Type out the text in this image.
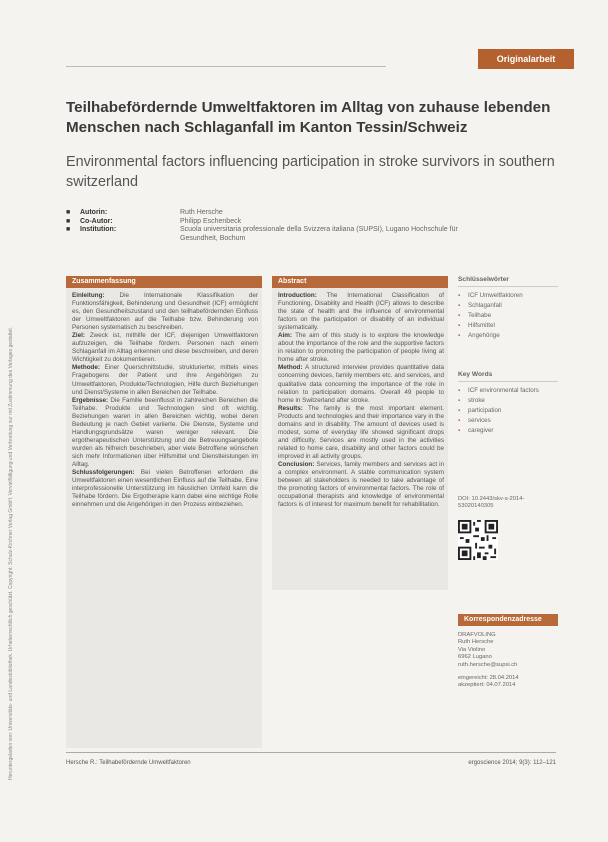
Heruntergeladen von: Universitäts- und Landesbibliothek. Urheberrechtlich geschützt. Copyright: Schulz-Kirchner Verlag GmbH. Vervielfältigung und Verbreitung nur mit Zustimmung des Verlages gestattet.
Originalarbeit
Teilhabefördernde Umweltfaktoren im Alltag von zuhause lebenden Menschen nach Schlaganfall im Kanton Tessin/Schweiz
Environmental factors influencing participation in stroke survivors in southern switzerland
■ Autorin:	Ruth Hersche
■ Co-Autor:	Philipp Eschenbeck
■ Institution:	Scuola universitaria professionale della Svizzera italiana (SUPSI), Lugano Hochschule für Gesundheit, Bochum
Zusammenfassung

Einleitung: Die Internationale Klassifikation der Funktionsfähigkeit, Behinderung und Gesundheit (ICF) ermöglicht es, den Gesundheitszustand und den teilhabefördernden Einfluss der Umweltfaktoren auf die Teilhabe bzw. Behinderung von Personen systematisch zu beschreiben.

Ziel: Zweck ist, mithilfe der ICF, diejenigen Umweltfaktoren aufzuzeigen, die Teilhabe fördern. Personen nach einem Schlaganfall im Alltag erkennen und diese beschreiben, und deren Wichtigkeit zu dokumentieren.

Methode: Einer Querschnittstudie, strukturierter, mittels eines Fragebogens der Patient und ihre Angehörigen zu Umweltfaktoren, Produkte/Technologien, Hilfe durch Beziehungen und Dienst/Systeme in allen Bereichen der Teilhabe.

Ergebnisse: Die Familie beeinflusst in zahlreichen Bereichen die Teilhabe. Produkte und Technologien sind oft wichtig. Beziehungen waren in allen Bereichen wichtig, wobei deren Bedeutung je nach Gebiet variierte. Die Dienste, Systeme und Handlungsgrundsätze waren weniger relevant. Die ergotherapeutischen Unterstützung und die Betreuungsangebote wurden als hilfreich beschrieben, aber viele Betroffene wünschen sich mehr Informationen über Hilfsmittel und Dienstleistungen im Alltag.

Schlussfolgerungen: Bei vielen Betroffenen erfordern die Umweltfaktoren einen wesentlichen Einfluss auf die Teilhabe. Eine interprofessionelle Unterstützung im häuslichen Umfeld kann die Teilhabe fördern. Die Ergotherapie kann dabei eine wichtige Rolle einnehmen und die Angehörigen in den Prozess einbeziehen.

Abstract

Introduction: The International Classification of Functioning, Disability and Health (ICF) allows to describe the state of health and the influence of environmental factors on the participation or disability of an individual systematically.

Aim: The aim of this study is to explore the knowledge about the importance of the role and the supportive factors in relation to promoting the participation of people living at home after stroke.

Method: A structured interview provides quantitative data concerning devices, family members etc. and services, and qualitative data concerning the importance of the role in relation to participation domains. Overall 49 people to home in Switzerland after stroke.

Results: The family is the most important element. Products and technologies and their importance vary in the domains and in disability. The amount of devices used is modest, some of everyday life showed significant drops and difficulty. Services are mostly used in the activities related to home care, disability and other factors could be improved in all activity groups.

Conclusion: Services, family members and services act in a complex environment. A stable communication system between all stakeholders is needed to take advantage of the promoting factors of environmental factors. The role of occupational therapists and knowledge of environmental factors is of interest for maximum benefit for rehabilitation.

Schlüsselwörter
▪ ICF Umweltfaktoren
▪ Schlaganfall
▪ Teilhabe
▪ Hilfsmittel
▪ Angehörige
Key Words
▪ ICF environmental factors
▪ stroke
▪ participation
▪ services
▪ caregiver
DOI: 10.2443/skv-s-2014-53020140305
Korrespondenzadresse
DRAFVOLING
Ruth Hersche
Via Violino
6962 Lugano
ruth.hersche@supsi.ch
eingereicht: 28.04.2014
akzeptiert: 04.07.2014
Hersche R.: Teilhabefördernde Umweltfaktoren	ergoscience 2014; 9(3): 112–121
